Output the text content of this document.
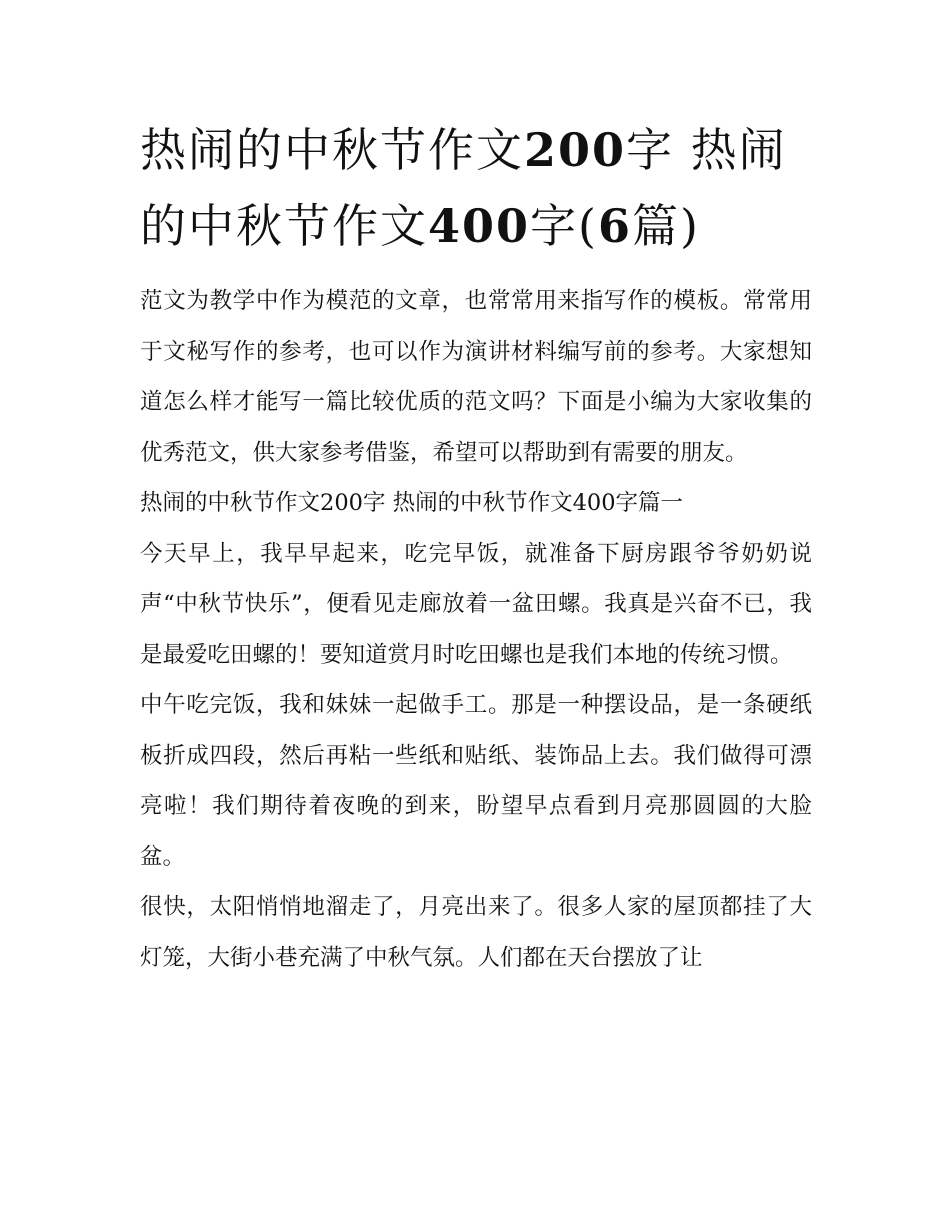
热闹的中秋节作文200字 热闹的中秋节作文400字(6篇)

范文为教学中作为模范的文章，也常常用来指写作的模板。常常用于文秘写作的参考，也可以作为演讲材料编写前的参考。大家想知道怎么样才能写一篇比较优质的范文吗？下面是小编为大家收集的优秀范文，供大家参考借鉴，希望可以帮助到有需要的朋友。

热闹的中秋节作文200字 热闹的中秋节作文400字篇一

今天早上，我早早起来，吃完早饭，就准备下厨房跟爷爷奶奶说声“中秋节快乐”，便看见走廊放着一盆田螺。我真是兴奋不已，我是最爱吃田螺的！要知道赏月时吃田螺也是我们本地的传统习惯。

中午吃完饭，我和妹妹一起做手工。那是一种摆设品，是一条硬纸板折成四段，然后再粘一些纸和贴纸、装饰品上去。我们做得可漂亮啦！我们期待着夜晚的到来，盼望早点看到月亮那圆圆的大脸盆。

很快，太阳悄悄地溜走了，月亮出来了。很多人家的屋顶都挂了大灯笼，大街小巷充满了中秋气氛。人们都在天台摆放了让
